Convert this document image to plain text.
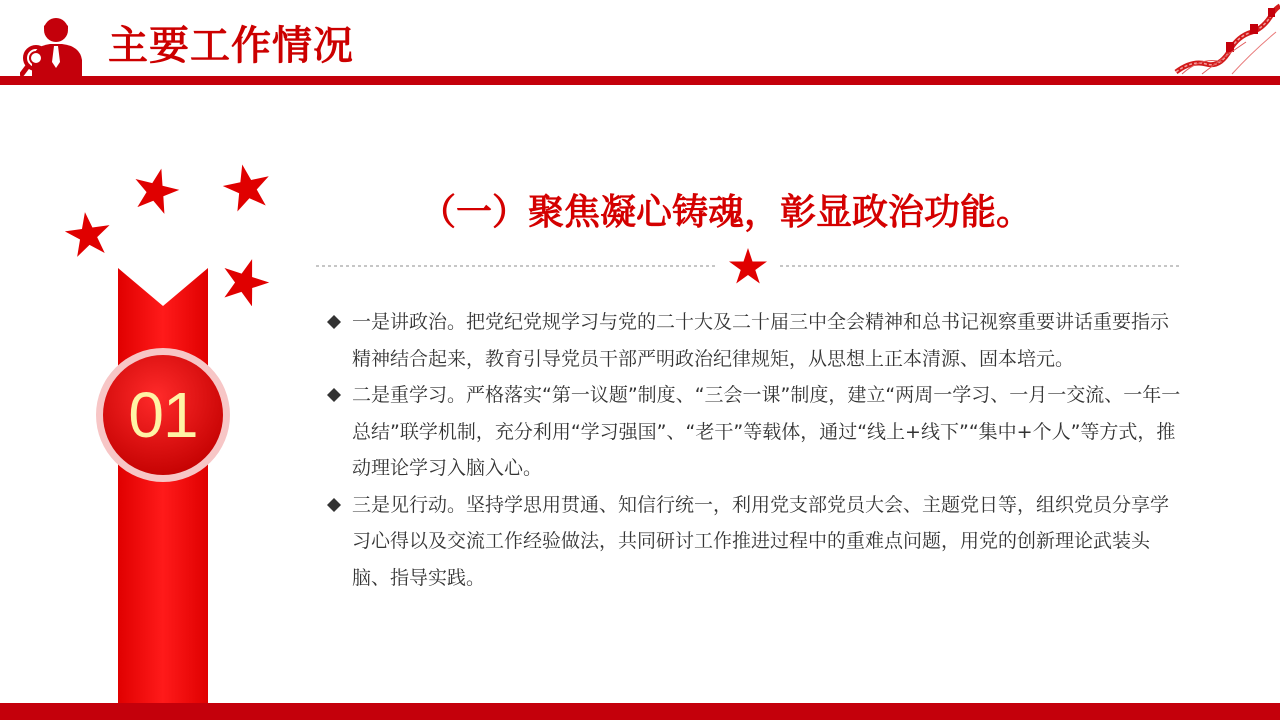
主要工作情况
01
（一）聚焦凝心铸魂，彰显政治功能。
一是讲政治。把党纪党规学习与党的二十大及二十届三中全会精神和总书记视察重要讲话重要指示精神结合起来，教育引导党员干部严明政治纪律规矩，从思想上正本清源、固本培元。
二是重学习。严格落实“第一议题”制度、“三会一课”制度，建立“两周一学习、一月一交流、一年一总结”联学机制，充分利用“学习强国”、“老干”等载体，通过“线上+线下”“集中+个人”等方式，推动理论学习入脑入心。
三是见行动。坚持学思用贯通、知信行统一，利用党支部党员大会、主题党日等，组织党员分享学习心得以及交流工作经验做法，共同研讨工作推进过程中的重难点问题，用党的创新理论武装头脑、指导实践。
